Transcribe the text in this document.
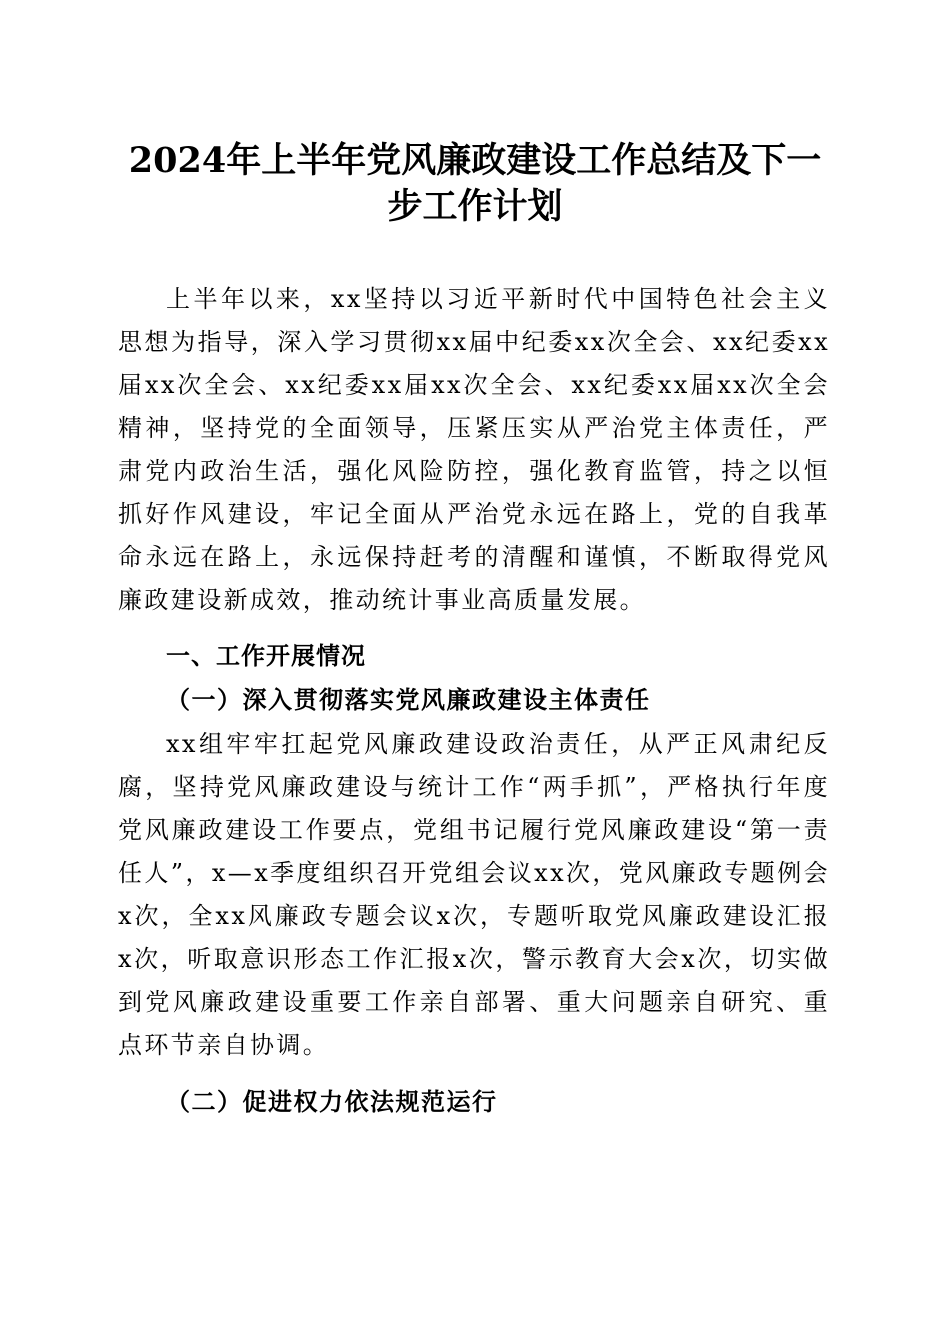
2024年上半年党风廉政建设工作总结及下一步工作计划

上半年以来，xx坚持以习近平新时代中国特色社会主义思想为指导，深入学习贯彻xx届中纪委xx次全会、xx纪委xx届xx次全会、xx纪委xx届xx次全会、xx纪委xx届xx次全会精神，坚持党的全面领导，压紧压实从严治党主体责任，严肃党内政治生活，强化风险防控，强化教育监管，持之以恒抓好作风建设，牢记全面从严治党永远在路上，党的自我革命永远在路上，永远保持赶考的清醒和谨慎，不断取得党风廉政建设新成效，推动统计事业高质量发展。

一、工作开展情况
（一）深入贯彻落实党风廉政建设主体责任

xx组牢牢扛起党风廉政建设政治责任，从严正风肃纪反腐，坚持党风廉政建设与统计工作“两手抓”，严格执行年度党风廉政建设工作要点，党组书记履行党风廉政建设“第一责任人”，x—x季度组织召开党组会议xx次，党风廉政专题例会x次，全xx风廉政专题会议x次，专题听取党风廉政建设汇报x次，听取意识形态工作汇报x次，警示教育大会x次，切实做到党风廉政建设重要工作亲自部署、重大问题亲自研究、重点环节亲自协调。

（二）促进权力依法规范运行
